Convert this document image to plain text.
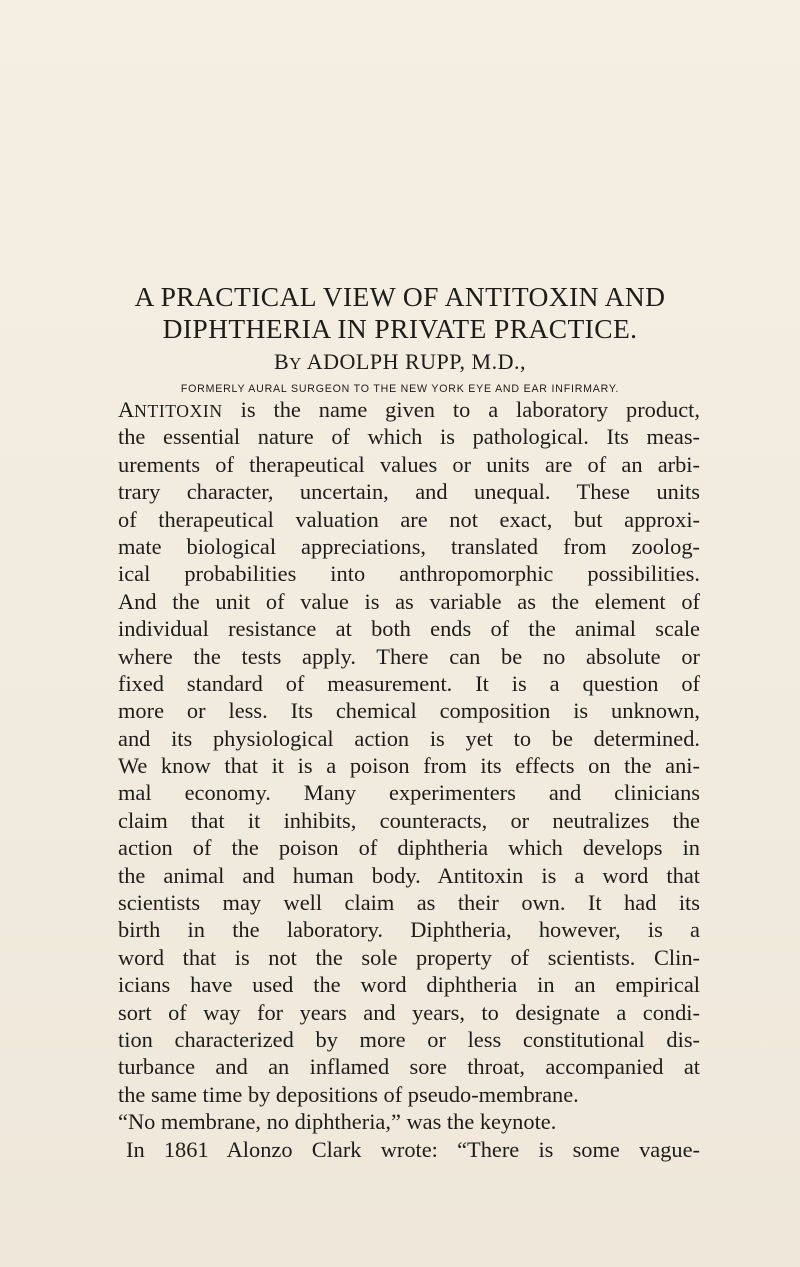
A PRACTICAL VIEW OF ANTITOXIN AND
DIPHTHERIA IN PRIVATE PRACTICE.
BY ADOLPH RUPP, M.D.,
FORMERLY AURAL SURGEON TO THE NEW YORK EYE AND EAR INFIRMARY.
ANTITOXIN is the name given to a laboratory product,
the essential nature of which is pathological. Its meas-
urements of therapeutical values or units are of an arbi-
trary character, uncertain, and unequal. These units
of therapeutical valuation are not exact, but approxi-
mate biological appreciations, translated from zoolog-
ical probabilities into anthropomorphic possibilities.
And the unit of value is as variable as the element of
individual resistance at both ends of the animal scale
where the tests apply. There can be no absolute or
fixed standard of measurement. It is a question of
more or less. Its chemical composition is unknown,
and its physiological action is yet to be determined.
We know that it is a poison from its effects on the ani-
mal economy. Many experimenters and clinicians
claim that it inhibits, counteracts, or neutralizes the
action of the poison of diphtheria which develops in
the animal and human body. Antitoxin is a word that
scientists may well claim as their own. It had its
birth in the laboratory. Diphtheria, however, is a
word that is not the sole property of scientists. Clin-
icians have used the word diphtheria in an empirical
sort of way for years and years, to designate a condi-
tion characterized by more or less constitutional dis-
turbance and an inflamed sore throat, accompanied at
the same time by depositions of pseudo-membrane.
“No membrane, no diphtheria,” was the keynote.
In 1861 Alonzo Clark wrote: “There is some vague-
